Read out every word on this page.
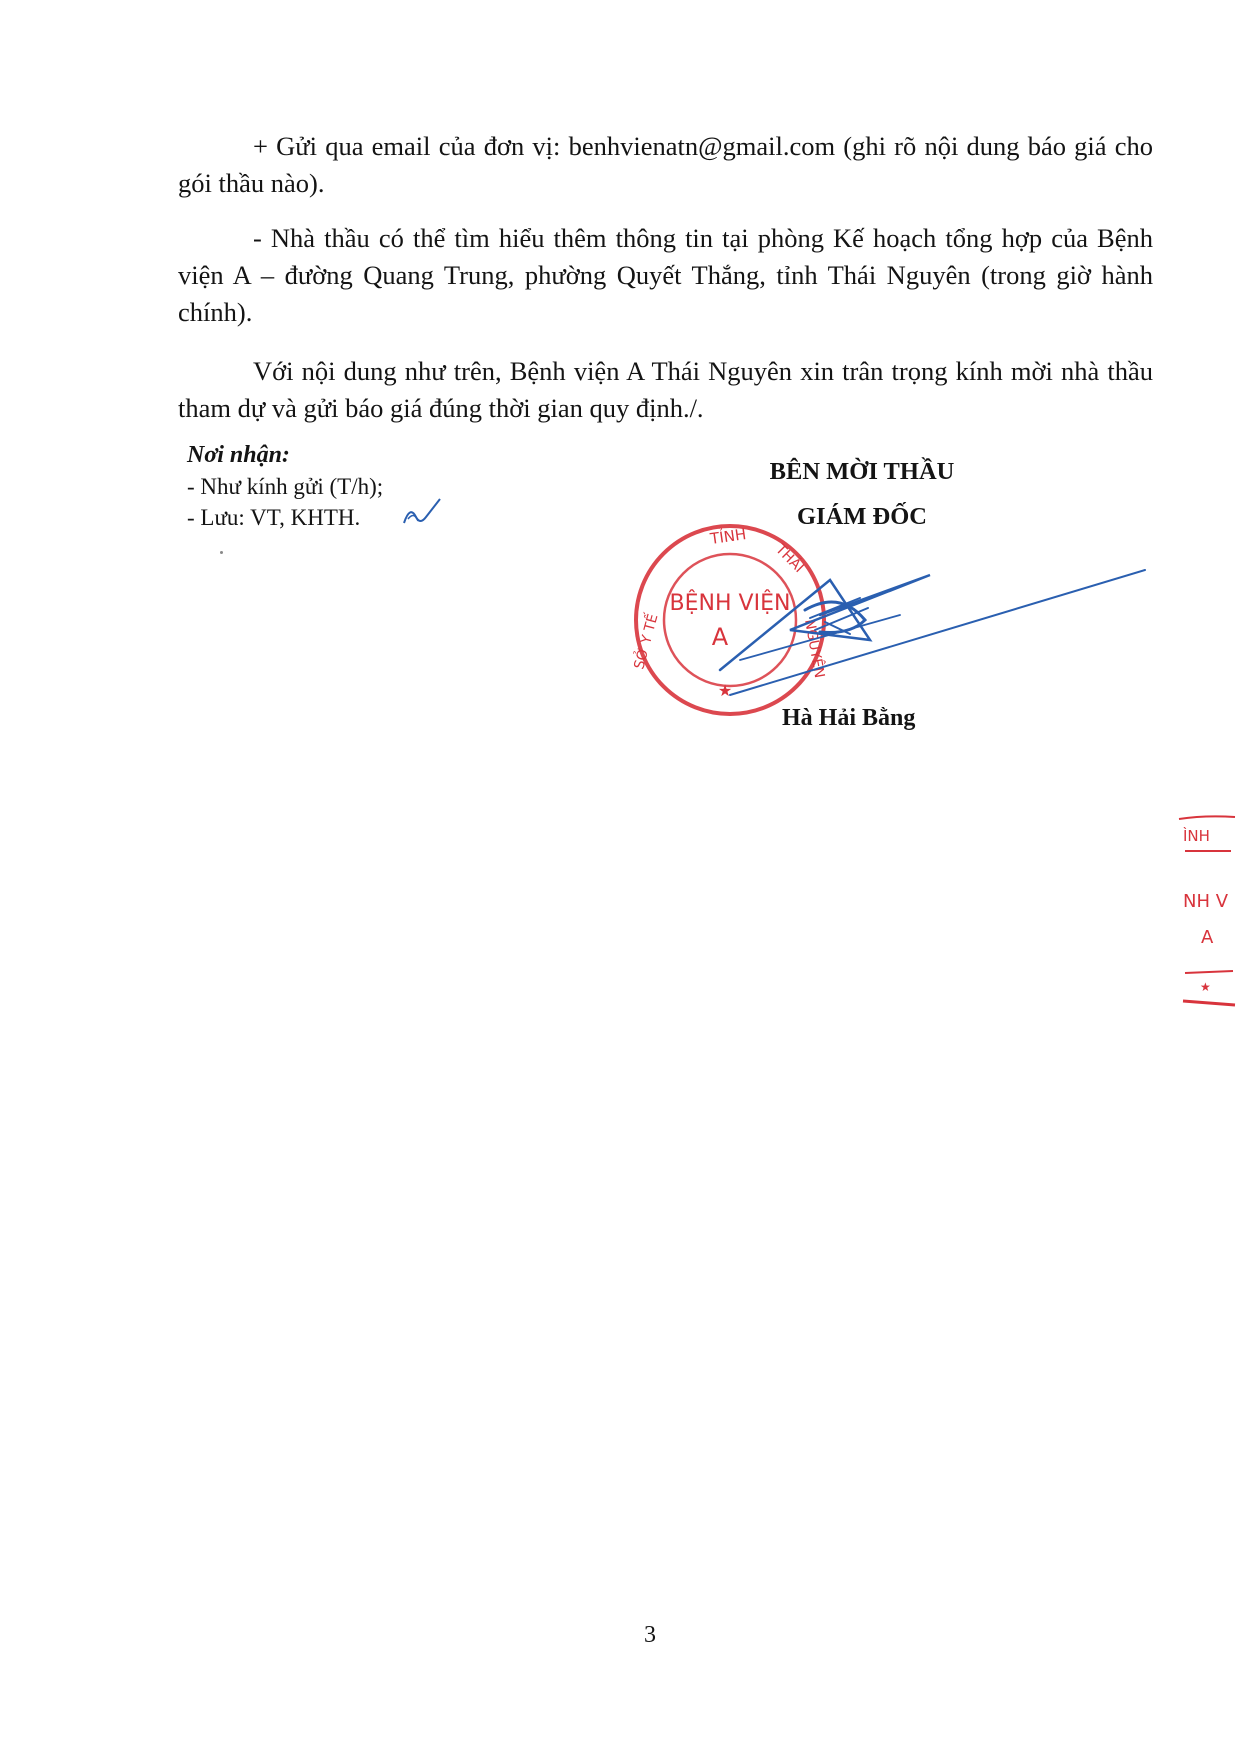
+ Gửi qua email của đơn vị: benhvienatn@gmail.com (ghi rõ nội dung báo giá cho gói thầu nào).

- Nhà thầu có thể tìm hiểu thêm thông tin tại phòng Kế hoạch tổng hợp của Bệnh viện A – đường Quang Trung, phường Quyết Thắng, tỉnh Thái Nguyên (trong giờ hành chính).

Với nội dung như trên, Bệnh viện A Thái Nguyên xin trân trọng kính mời nhà thầu tham dự và gửi báo giá đúng thời gian quy định./.

Nơi nhận:
- Như kính gửi (T/h);
- Lưu: VT, KHTH.
BÊN MỜI THẦU
GIÁM ĐỐC
TỈNH
THÁI
NGUYÊN
SỞ Y TẾ
BỆNH VIỆN
A
★
Hà Hải Bằng
ÌNH
NH V
A
★
3
